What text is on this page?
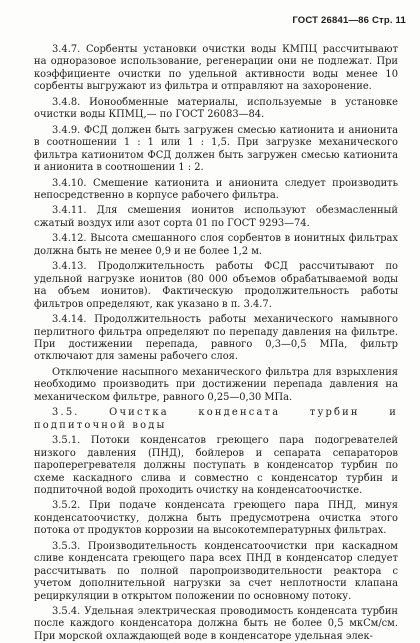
ГОСТ 26841—86 Стр. 11

3.4.7. Сорбенты установки очистки воды КМПЦ рассчитывают на одноразовое использование, регенерации они не подлежат. При коэффициенте очистки по удельной активности воды менее 10 сорбенты выгружают из фильтра и отправляют на захоронение.

3.4.8. Ионообменные материалы, используемые в установке очистки воды КПМЦ,— по ГОСТ 26083—84.

3.4.9. ФСД должен быть загружен смесью катионита и анионита в соотношении 1 : 1 или 1 : 1,5. При загрузке механического фильтра катионитом ФСД должен быть загружен смесью катионита и анионита в соотношении 1 : 2.

3.4.10. Смешение катионита и анионита следует производить непосредственно в корпусе рабочего фильтра.

3.4.11. Для смешения ионитов используют обезмасленный сжатый воздух или азот сорта 01 по ГОСТ 9293—74.

3.4.12. Высота смешанного слоя сорбентов в ионитных фильтрах должна быть не менее 0,9 и не более 1,2 м.

3.4.13. Продолжительность работы ФСД рассчитывают по удельной нагрузке ионитов (80 000 объемов обрабатываемой воды на объем ионитов). Фактическую продолжительность работы фильтров определяют, как указано в п. 3.4.7.

3.4.14. Продолжительность работы механического намывного перлитного фильтра определяют по перепаду давления на фильтре. При достижении перепада, равного 0,3—0,5 МПа, фильтр отключают для замены рабочего слоя.

Отключение насыпного механического фильтра для взрыхления необходимо производить при достижении перепада давления на механическом фильтре, равного 0,25—0,30 МПа.

3.5. Очистка конденсата турбин и подпиточной воды

3.5.1. Потоки конденсатов греющего пара подогревателей низкого давления (ПНД), бойлеров и сепарата сепараторов пароперегревателя должны поступать в конденсатор турбин по схеме каскадного слива и совместно с конденсатор турбин и подпиточной водой проходить очистку на конденсатоочистке.

3.5.2. При подаче конденсата греющего пара ПНД, минуя конденсатоочистку, должна быть предусмотрена очистка этого потока от продуктов коррозии на высокотемпературных фильтрах.

3.5.3. Производительность конденсатоочистки при каскадном сливе конденсата греющего пара всех ПНД в конденсатор следует рассчитывать по полной паропроизводительности реактора с учетом дополнительной нагрузки за счет неплотности клапана рециркуляции в открытом положении по основному потоку.

3.5.4. Удельная электрическая проводимость конденсата турбин после каждого конденсатора должна быть не более 0,5 мкСм/см. При морской охлаждающей воде в конденсаторе удельная элек-
